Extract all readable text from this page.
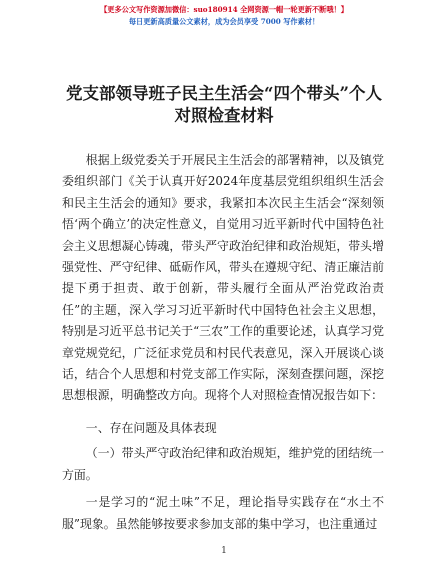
【更多公文写作资源加微信：suo180914 全网资源一帽一轮更新不断哦！】
每日更新高质量公文素材，成为会员享受 7000 写作素材！
党支部领导班子民主生活会“四个带头”个人
对照检查材料

根据上级党委关于开展民主生活会的部署精神，以及镇党委组织部门《关于认真开好2024年度基层党组织组织生活会和民主生活会的通知》要求，我紧扣本次民主生活会“深刻领悟‘两个确立’的决定性意义，自觉用习近平新时代中国特色社会主义思想凝心铸魂，带头严守政治纪律和政治规矩，带头增强党性、严守纪律、砥砺作风，带头在遵规守纪、清正廉洁前提下勇于担责、敢于创新，带头履行全面从严治党政治责任”的主题，深入学习习近平新时代中国特色社会主义思想，特别是习近平总书记关于“三农”工作的重要论述，认真学习党章党规党纪，广泛征求党员和村民代表意见，深入开展谈心谈话，结合个人思想和村党支部工作实际，深刻查摆问题，深挖思想根源，明确整改方向。现将个人对照检查情况报告如下：

一、存在问题及具体表现

（一）带头严守政治纪律和政治规矩，维护党的团结统一方面。

一是学习的“泥土味”不足，理论指导实践存在“水土不服”现象。虽然能够按要求参加支部的集中学习，也注重通过

1
